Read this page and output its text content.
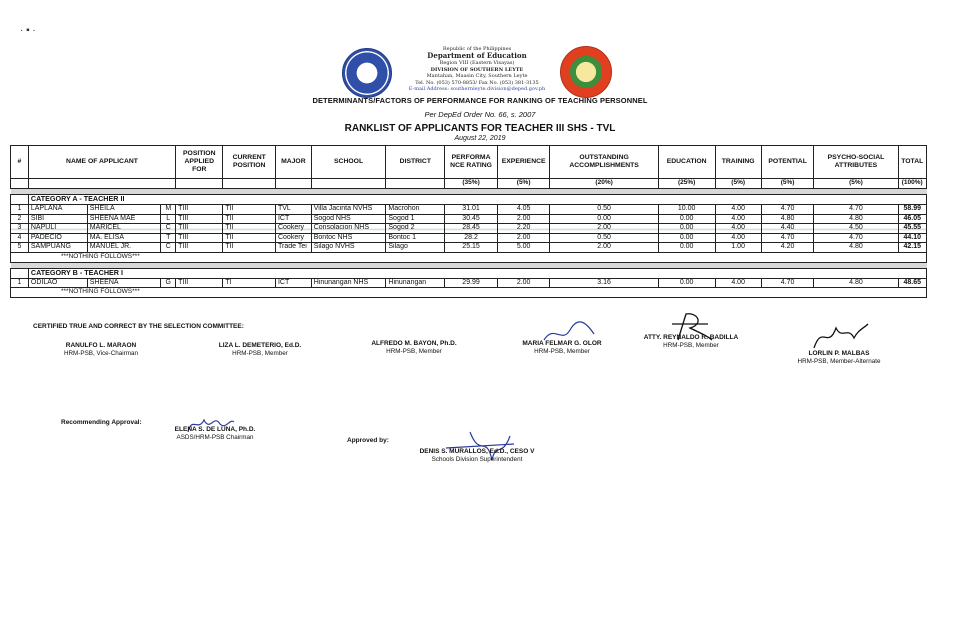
· ▪ ·
Republic of the Philippines
Department of Education
Region VIII (Eastern Visayas)
DIVISION OF SOUTHERN LEYTE
Mantahan, Maasin City, Southern Leyte
Tel. No. (053) 570-8853/ Fax No. (053) 381-3135
E-mail Address: southernleyte.division@deped.gov.ph
DETERMINANTS/FACTORS OF PERFORMANCE FOR RANKING OF TEACHING PERSONNEL
Per DepEd Order No. 66, s. 2007
RANKLIST OF APPLICANTS FOR TEACHER III SHS - TVL
August 22, 2019
#	NAME OF APPLICANT			POSITION APPLIED FOR	CURRENT POSITION	MAJOR	SCHOOL	DISTRICT	PERFORMA NCE RATING	EXPERIENCE	OUTSTANDING ACCOMPLISHMENTS	EDUCATION	TRAINING	POTENTIAL	PSYCHO-SOCIAL ATTRIBUTES	TOTAL
									(35%)	(5%)	(20%)	(25%)	(5%)	(5%)	(5%)	(100%)

	CATEGORY A - TEACHER II															
1	LAPLANA	SHEILA	M	TIII	TII	TVL	Villa Jacinta NVHS	Macrohon	31.01	4.05	0.50	10.00	4.00	4.70	4.70	58.99
2	SIBI	SHEENA MAE	L	TIII	TII	ICT	Sogod NHS	Sogod 1	30.45	2.00	0.00	0.00	4.00	4.80	4.80	46.05
3	NAPULI	MARICEL	C	TIII	TII	Cookery	Consolacion NHS	Sogod 2	28.45	2.20	2.00	0.00	4.00	4.40	4.50	45.55
4	PADECIO	MA. ELISA	T	TIII	TII	Cookery	Bontoc NHS	Bontoc 1	28.2	2.00	0.50	0.00	4.00	4.70	4.70	44.10
5	SAMPUANG	MANUEL JR.	C	TIII	TII	Trade Tei	Silago NVHS	Silago	25.15	5.00	2.00	0.00	1.00	4.20	4.80	42.15
***NOTHING FOLLOWS***																

	CATEGORY B - TEACHER I															
1	ODILAO	SHEENA	G	TIII	TI	ICT	Hinunangan NHS	Hinunangan	29.99	2.00	3.16	0.00	4.00	4.70	4.80	48.65
***NOTHING FOLLOWS***																
CERTIFIED TRUE AND CORRECT BY THE SELECTION COMMITTEE:
RANULFO L. MARAON
HRM-PSB, Vice-Chairman
LIZA L. DEMETERIO, Ed.D.
HRM-PSB, Member
ALFREDO M. BAYON, Ph.D.
HRM-PSB, Member
MARIA FELMAR G. OLOR
HRM-PSB, Member
ATTY. REYNALDO R. BADILLA
HRM-PSB, Member
LORLIN P. MALBAS
HRM-PSB, Member-Alternate
Recommending Approval:
ELENA S. DE LUNA, Ph.D.
ASDS/HRM-PSB Chairman	Approved by:
DENIS S. MURALLOS, Ed.D., CESO V
Schools Division Superintendent
